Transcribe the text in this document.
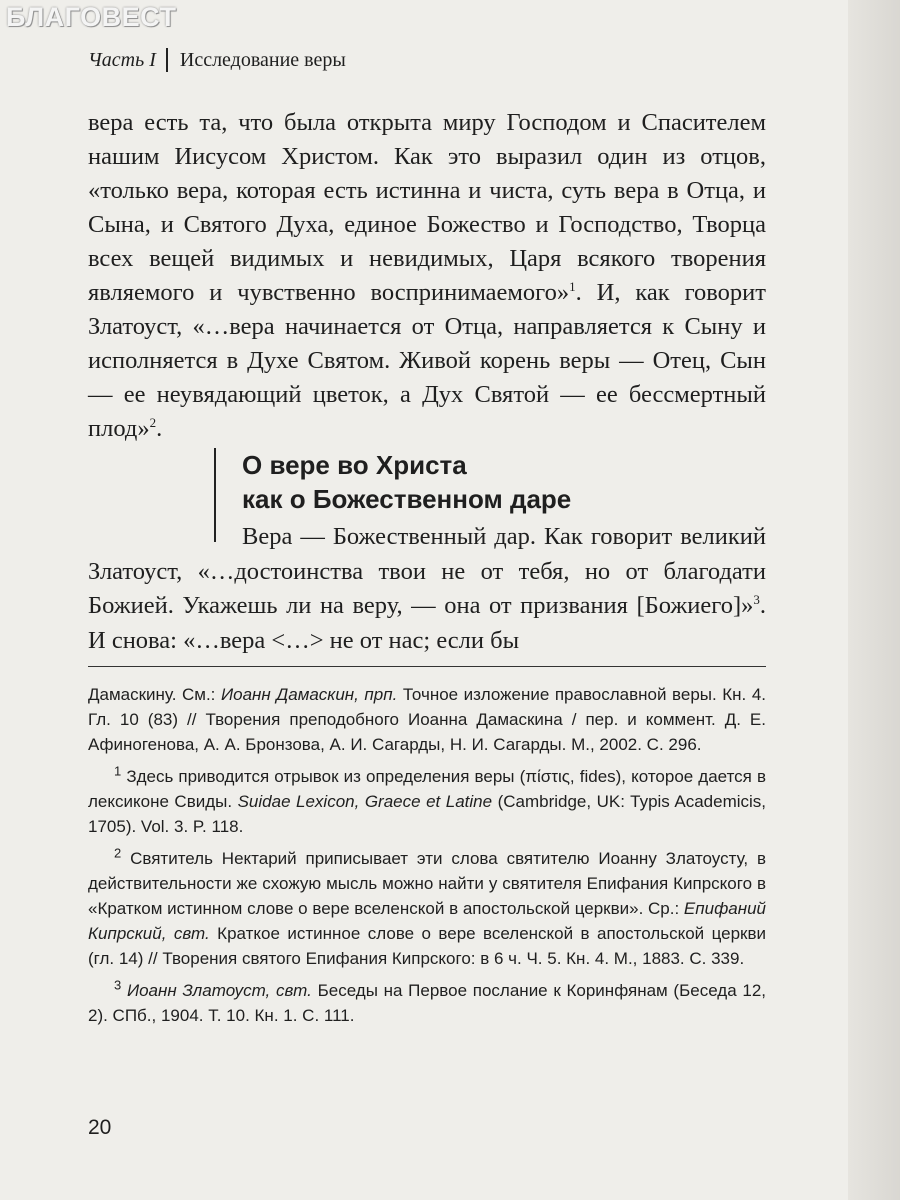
БЛАГОВЕСТ
Часть I Исследование веры

вера есть та, что была открыта миру Господом и Спасителем нашим Иисусом Христом. Как это выразил один из отцов, «только вера, которая есть истинна и чиста, суть вера в Отца, и Сына, и Святого Духа, единое Божество и Господство, Творца всех вещей видимых и невидимых, Царя всякого творения являемого и чувственно воспринимаемого»$^1$. И, как говорит Златоуст, «…вера начинается от Отца, направляется к Сыну и исполняется в Духе Святом. Живой корень веры — Отец, Сын — ее неувядающий цветок, а Дух Святой — ее бессмертный плод»$^2$.

О вере во Христа
как о Божественном даре
Вера — Божественный дар. Как говорит великий Златоуст, «…достоинства твои не от тебя, но от благодати Божией. Укажешь ли на веру, — она от призвания [Божиего]»$^3$. И снова: «…вера <…> не от нас; если бы

Дамаскину. См.: Иоанн Дамаскин, прп. Точное изложение православной веры. Кн. 4. Гл. 10 (83) // Творения преподобного Иоанна Дамаскина / пер. и коммент. Д. Е. Афиногенова, А. А. Бронзова, А. И. Сагарды, Н. И. Сагарды. М., 2002. С. 296.

$^1$ Здесь приводится отрывок из определения веры (πίστις, fides), которое дается в лексиконе Свиды. Suidae Lexicon, Graece et Latine (Cambridge, UK: Typis Academicis, 1705). Vol. 3. P. 118.

$^2$ Святитель Нектарий приписывает эти слова святителю Иоанну Златоусту, в действительности же схожую мысль можно найти у святителя Епифания Кипрского в «Кратком истинном слове о вере вселенской в апостольской церкви». Ср.: Епифаний Кипрский, свт. Краткое истинное слове о вере вселенской в апостольской церкви (гл. 14) // Творения святого Епифания Кипрского: в 6 ч. Ч. 5. Кн. 4. М., 1883. С. 339.

$^3$ Иоанн Златоуст, свт. Беседы на Первое послание к Коринфянам (Беседа 12, 2). СПб., 1904. Т. 10. Кн. 1. С. 111.

20
